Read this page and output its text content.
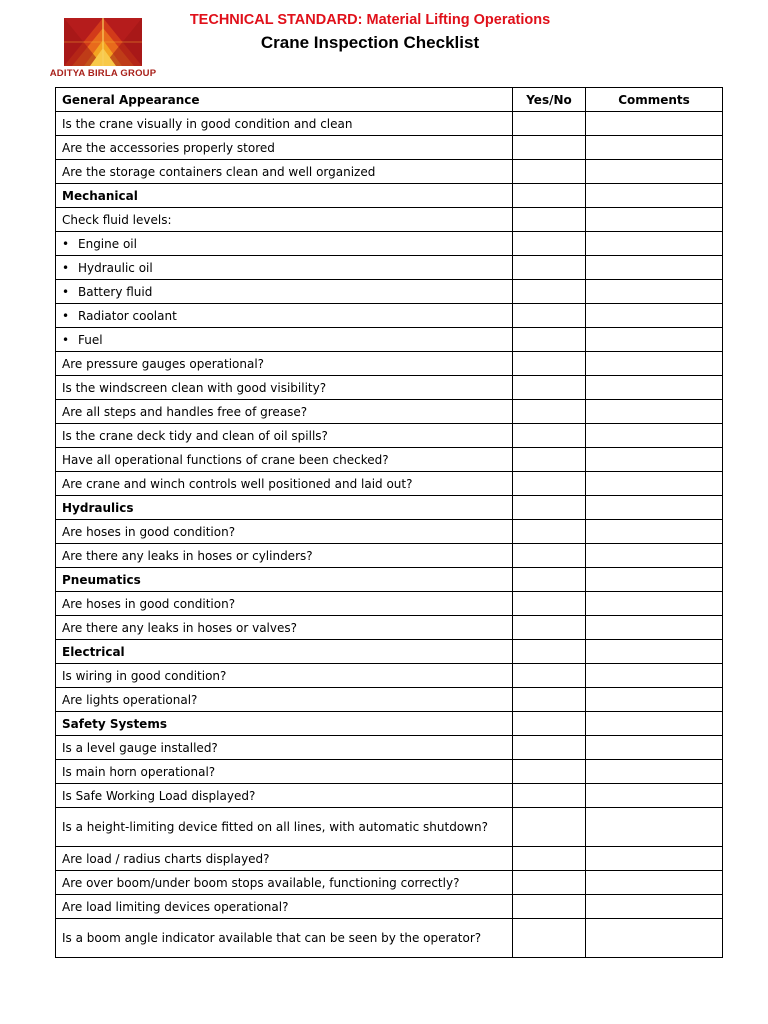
ADITYA BIRLA GROUP
TECHNICAL STANDARD: Material Lifting Operations
Crane Inspection Checklist
General Appearance	Yes/No	Comments
Is the crane visually in good condition and clean		
Are the accessories properly stored		
Are the storage containers clean and well organized		
Mechanical		
Check fluid levels:		
• Engine oil		
• Hydraulic oil		
• Battery fluid		
• Radiator coolant		
• Fuel		
Are pressure gauges operational?		
Is the windscreen clean with good visibility?		
Are all steps and handles free of grease?		
Is the crane deck tidy and clean of oil spills?		
Have all operational functions of crane been checked?		
Are crane and winch controls well positioned and laid out?		
Hydraulics		
Are hoses in good condition?		
Are there any leaks in hoses or cylinders?		
Pneumatics		
Are hoses in good condition?		
Are there any leaks in hoses or valves?		
Electrical		
Is wiring in good condition?		
Are lights operational?		
Safety Systems		
Is a level gauge installed?		
Is main horn operational?		
Is Safe Working Load displayed?		
Is a height-limiting device fitted on all lines, with automatic shutdown?		
Are load / radius charts displayed?		
Are over boom/under boom stops available, functioning correctly?		
Are load limiting devices operational?		
Is a boom angle indicator available that can be seen by the operator?		
